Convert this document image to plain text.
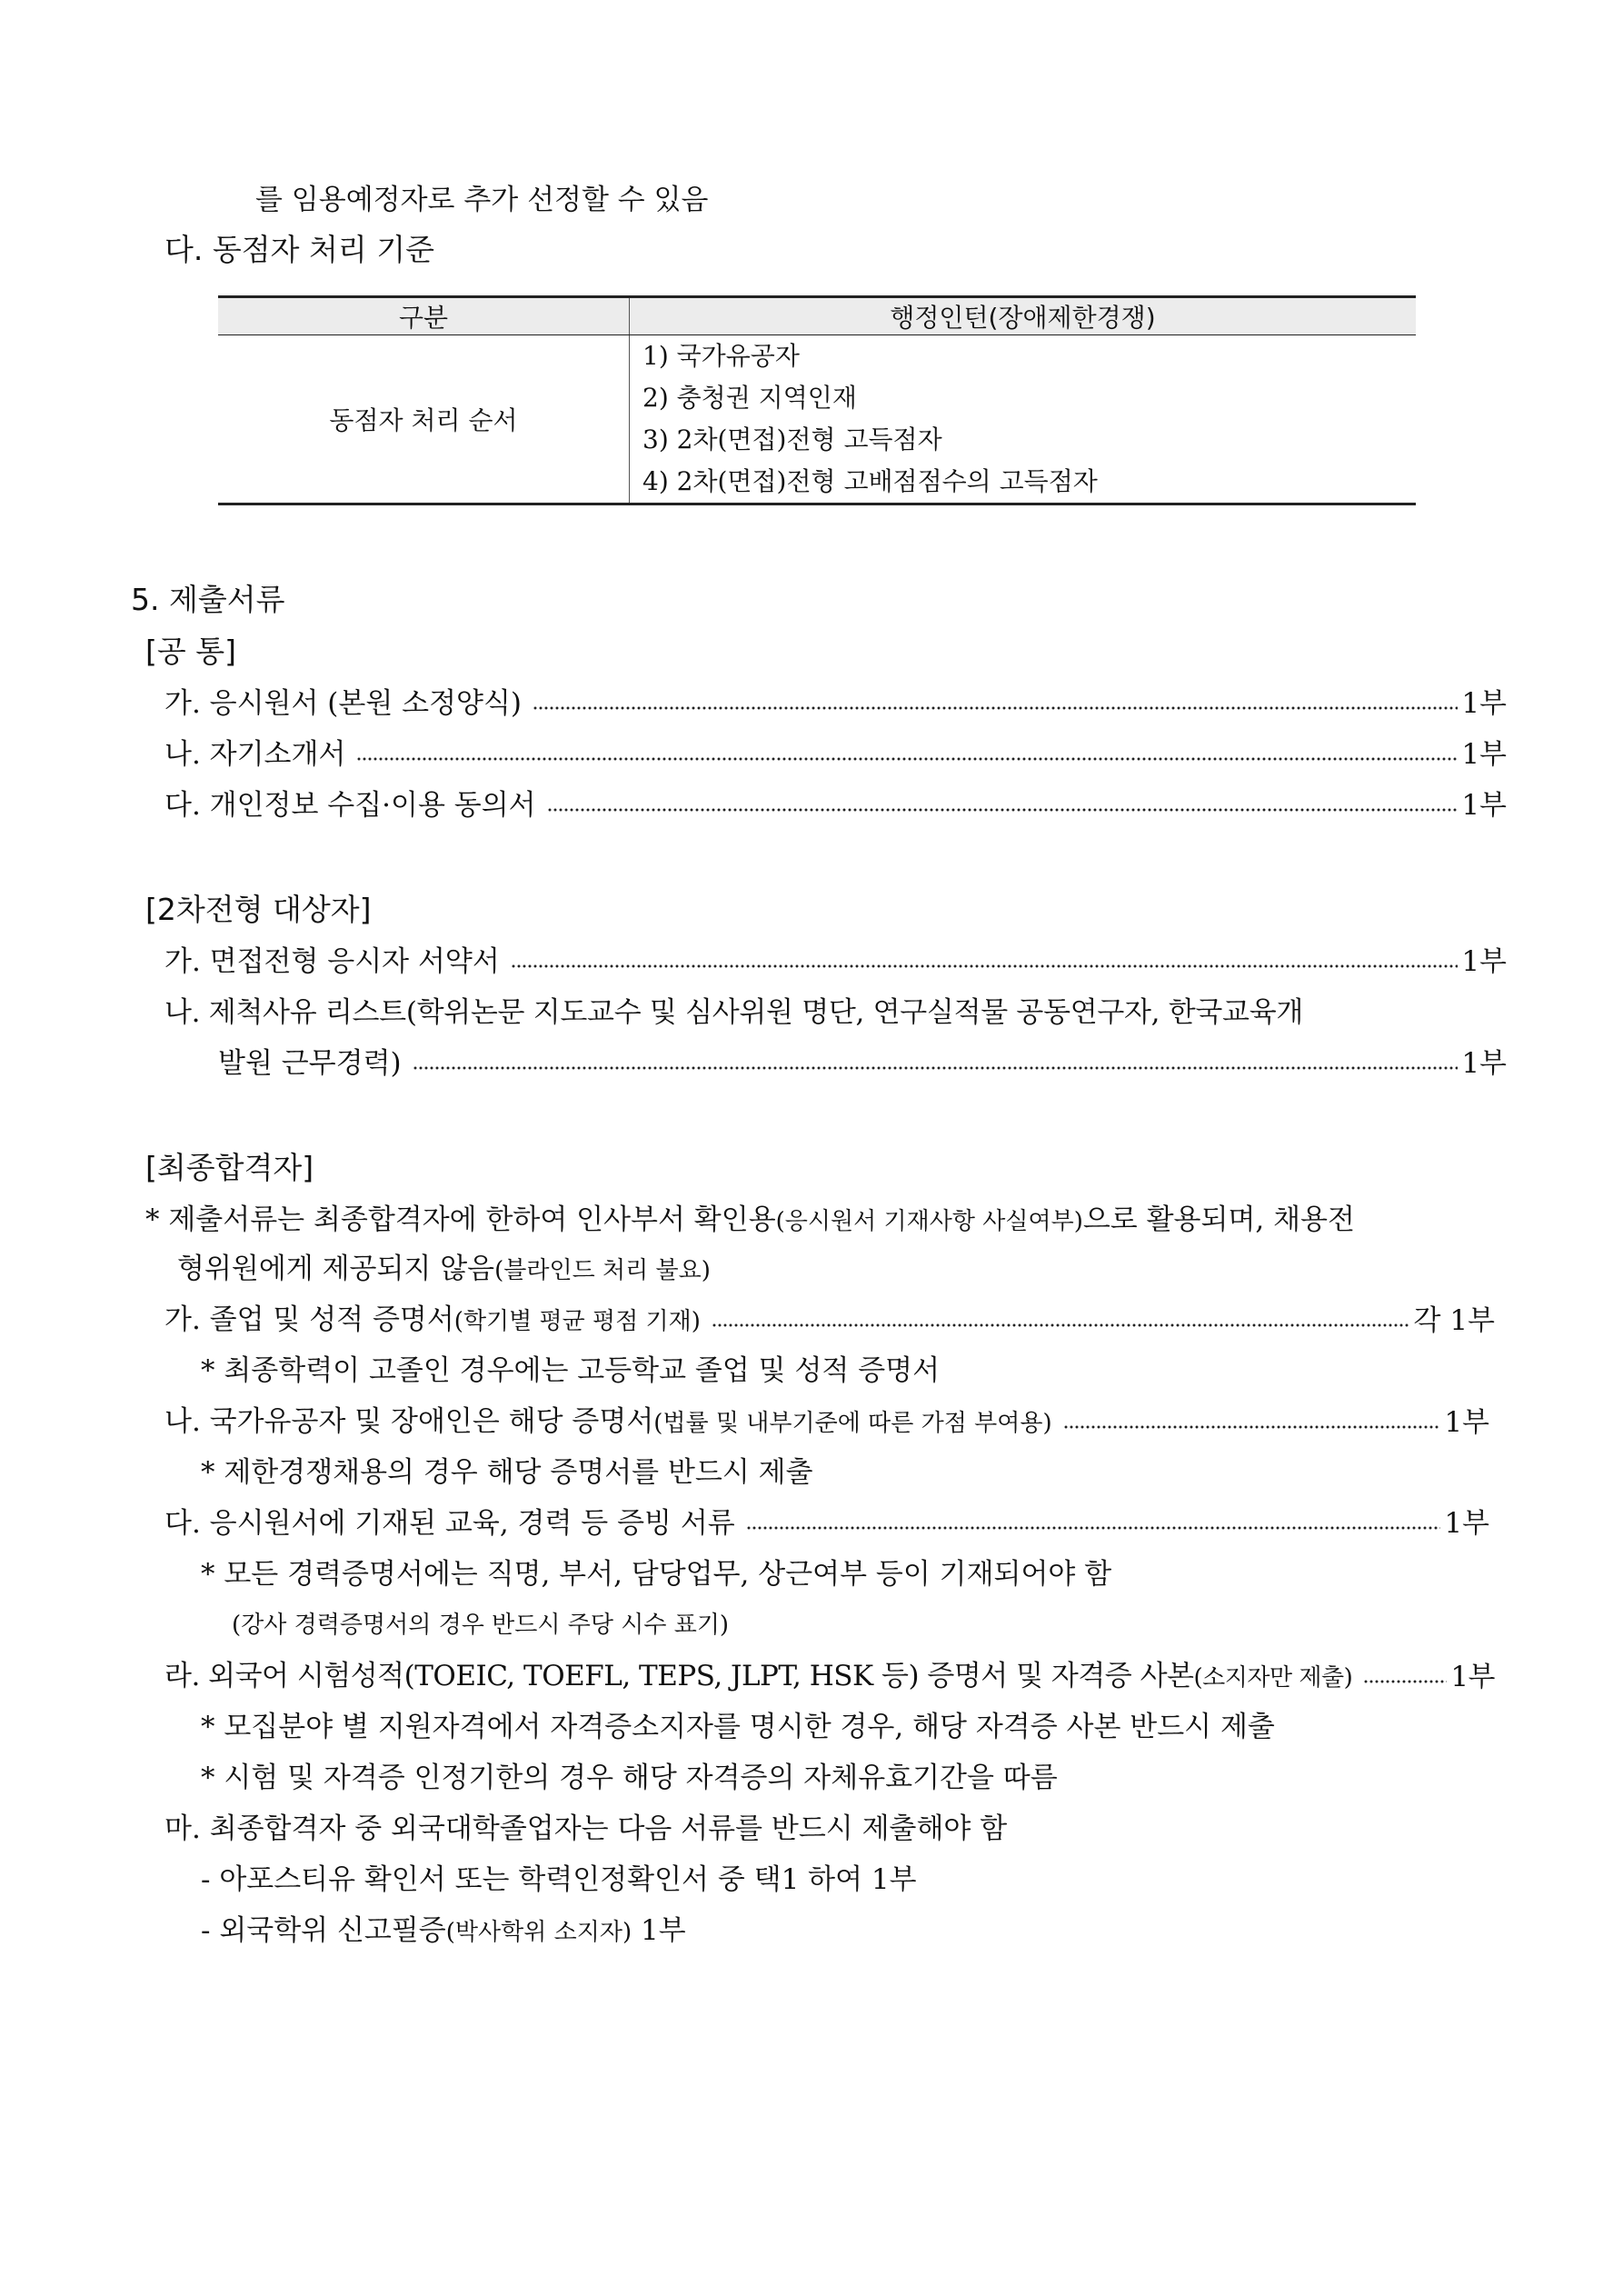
를 임용예정자로 추가 선정할 수 있음
다. 동점자 처리 기준
구분	행정인턴(장애제한경쟁)
동점자 처리 순서	1) 국가유공자
2) 충청권 지역인재
3) 2차(면접)전형 고득점자
4) 2차(면접)전형 고배점점수의 고득점자
5. 제출서류
[공 통]
가. 응시원서 (본원 소정양식)	1부
나. 자기소개서	1부
다. 개인정보 수집·이용 동의서	1부
[2차전형 대상자]
가. 면접전형 응시자 서약서	1부
나. 제척사유 리스트(학위논문 지도교수 및 심사위원 명단, 연구실적물 공동연구자, 한국교육개
발원 근무경력)	1부
[최종합격자]
* 제출서류는 최종합격자에 한하여 인사부서 확인용(응시원서 기재사항 사실여부)으로 활용되며, 채용전
형위원에게 제공되지 않음(블라인드 처리 불요)
가. 졸업 및 성적 증명서(학기별 평균 평점 기재)	각 1부
* 최종학력이 고졸인 경우에는 고등학교 졸업 및 성적 증명서
나. 국가유공자 및 장애인은 해당 증명서(법률 및 내부기준에 따른 가점 부여용)	1부
* 제한경쟁채용의 경우 해당 증명서를 반드시 제출
다. 응시원서에 기재된 교육, 경력 등 증빙 서류	1부
* 모든 경력증명서에는 직명, 부서, 담당업무, 상근여부 등이 기재되어야 함
(강사 경력증명서의 경우 반드시 주당 시수 표기)
라. 외국어 시험성적(TOEIC, TOEFL, TEPS, JLPT, HSK 등) 증명서 및 자격증 사본(소지자만 제출)	1부
* 모집분야 별 지원자격에서 자격증소지자를 명시한 경우, 해당 자격증 사본 반드시 제출
* 시험 및 자격증 인정기한의 경우 해당 자격증의 자체유효기간을 따름
마. 최종합격자 중 외국대학졸업자는 다음 서류를 반드시 제출해야 함
- 아포스티유 확인서 또는 학력인정확인서 중 택1 하여 1부
- 외국학위 신고필증(박사학위 소지자) 1부
